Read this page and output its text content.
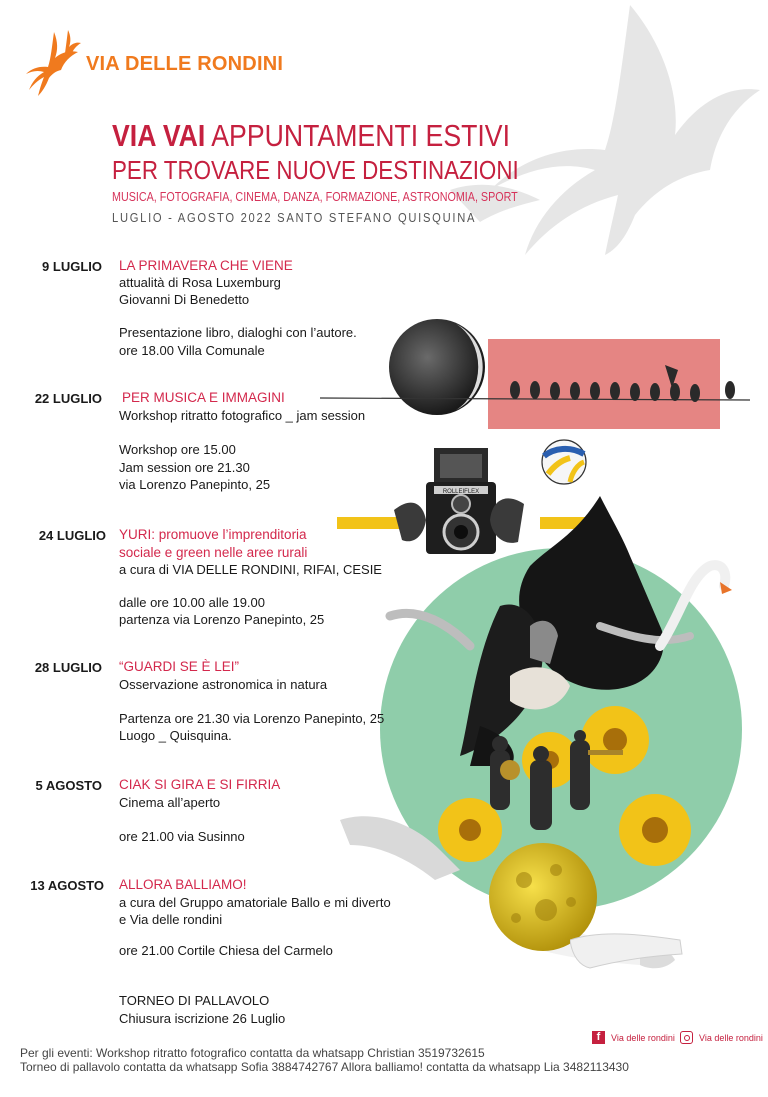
VIA DELLE RONDINI
VIA VAI APPUNTAMENTI ESTIVI
PER TROVARE NUOVE DESTINAZIONI
MUSICA, FOTOGRAFIA, CINEMA, DANZA, FORMAZIONE, ASTRONOMIA, SPORT
LUGLIO - AGOSTO 2022 SANTO STEFANO QUISQUINA
ROLLEIFLEX
9 LUGLIO LA PRIMAVERA CHE VIENE
attualità di Rosa Luxemburg
Giovanni Di Benedetto
Presentazione libro, dialoghi con l’autore.
ore 18.00 Villa Comunale
22 LUGLIO PER MUSICA E IMMAGINI
Workshop ritratto fotografico _ jam session
Workshop ore 15.00
Jam session ore 21.30
via Lorenzo Panepinto, 25
24 LUGLIO YURI: promuove l’imprenditoria
sociale e green nelle aree rurali
a cura di VIA DELLE RONDINI, RIFAI, CESIE
dalle ore 10.00 alle 19.00
partenza via Lorenzo Panepinto, 25
28 LUGLIO “GUARDI SE È LEI”
Osservazione astronomica in natura
Partenza ore 21.30 via Lorenzo Panepinto, 25
Luogo _ Quisquina.
5 AGOSTO CIAK SI GIRA E SI FIRRIA
Cinema all’aperto
ore 21.00 via Susinno
13 AGOSTO ALLORA BALLIAMO!
a cura del Gruppo amatoriale Ballo e mi diverto
e Via delle rondini
ore 21.00 Cortile Chiesa del Carmelo
TORNEO DI PALLAVOLO
Chiusura iscrizione 26 Luglio
Per gli eventi: Workshop ritratto fotografico contatta da whatsapp Christian 3519732615
Torneo di pallavolo contatta da whatsapp Sofia 3884742767 Allora balliamo! contatta da whatsapp Lia 3482113430
f	Via delle rondini	Via delle rondini
